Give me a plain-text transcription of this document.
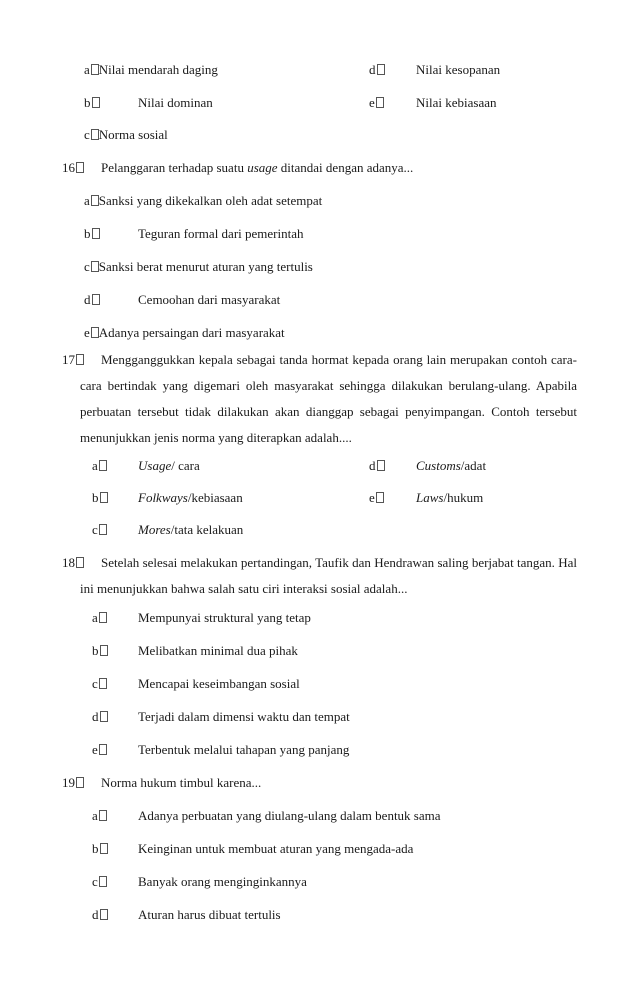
a Nilai mendarah daging	d	Nilai kesopanan
b	Nilai dominan	e	Nilai kebiasaan
c Norma sosial
16	Pelanggaran terhadap suatu usage ditandai dengan adanya...
a Sanksi yang dikekalkan oleh adat setempat
b	Teguran formal dari pemerintah
c Sanksi berat menurut aturan yang tertulis
d	Cemoohan dari masyarakat
e Adanya persaingan dari masyarakat
17	Mengganggukkan kepala sebagai tanda hormat kepada orang lain merupakan contoh cara-cara bertindak yang digemari oleh masyarakat sehingga dilakukan berulang-ulang. Apabila perbuatan tersebut tidak dilakukan akan dianggap sebagai penyimpangan. Contoh tersebut menunjukkan jenis norma yang diterapkan adalah....
a	Usage/ cara	d	Customs/adat
b	Folkways/kebiasaan	e	Laws/hukum
c	Mores/tata kelakuan
18	Setelah selesai melakukan pertandingan, Taufik dan Hendrawan saling berjabat tangan. Hal ini menunjukkan bahwa salah satu ciri interaksi sosial adalah...
a	Mempunyai struktural yang tetap
b	Melibatkan minimal dua pihak
c	Mencapai keseimbangan sosial
d	Terjadi dalam dimensi waktu dan tempat
e	Terbentuk melalui tahapan yang panjang
19	Norma hukum timbul karena...
a	Adanya perbuatan yang diulang-ulang dalam bentuk sama
b	Keinginan untuk membuat aturan yang mengada-ada
c	Banyak orang menginginkannya
d	Aturan harus dibuat tertulis
